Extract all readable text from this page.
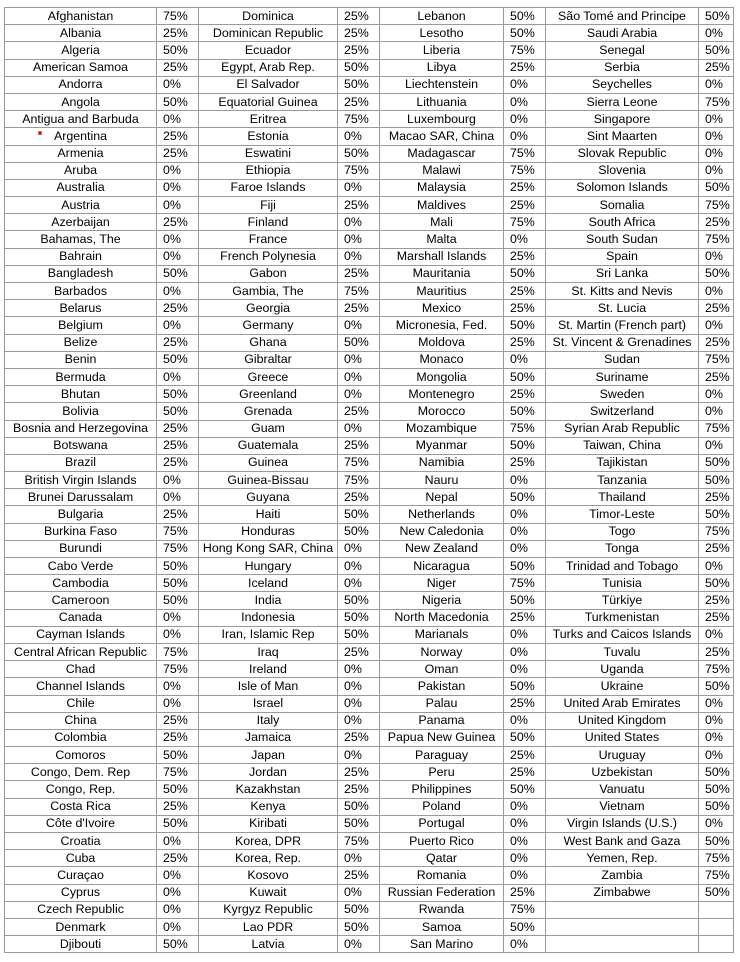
Afghanistan	75%	Dominica	25%	Lebanon	50%	São Tomé and Principe	50%
Albania	25%	Dominican Republic	25%	Lesotho	50%	Saudi Arabia	0%
Algeria	50%	Ecuador	25%	Liberia	75%	Senegal	50%
American Samoa	25%	Egypt, Arab Rep.	50%	Libya	25%	Serbia	25%
Andorra	0%	El Salvador	50%	Liechtenstein	0%	Seychelles	0%
Angola	50%	Equatorial Guinea	25%	Lithuania	0%	Sierra Leone	75%
Antigua and Barbuda	0%	Eritrea	75%	Luxembourg	0%	Singapore	0%
Argentina	25%	Estonia	0%	Macao SAR, China	0%	Sint Maarten	0%
Armenia	25%	Eswatini	50%	Madagascar	75%	Slovak Republic	0%
Aruba	0%	Ethiopia	75%	Malawi	75%	Slovenia	0%
Australia	0%	Faroe Islands	0%	Malaysia	25%	Solomon Islands	50%
Austria	0%	Fiji	25%	Maldives	25%	Somalia	75%
Azerbaijan	25%	Finland	0%	Mali	75%	South Africa	25%
Bahamas, The	0%	France	0%	Malta	0%	South Sudan	75%
Bahrain	0%	French Polynesia	0%	Marshall Islands	25%	Spain	0%
Bangladesh	50%	Gabon	25%	Mauritania	50%	Sri Lanka	50%
Barbados	0%	Gambia, The	75%	Mauritius	25%	St. Kitts and Nevis	0%
Belarus	25%	Georgia	25%	Mexico	25%	St. Lucia	25%
Belgium	0%	Germany	0%	Micronesia, Fed.	50%	St. Martin (French part)	0%
Belize	25%	Ghana	50%	Moldova	25%	St. Vincent & Grenadines	25%
Benin	50%	Gibraltar	0%	Monaco	0%	Sudan	75%
Bermuda	0%	Greece	0%	Mongolia	50%	Suriname	25%
Bhutan	50%	Greenland	0%	Montenegro	25%	Sweden	0%
Bolivia	50%	Grenada	25%	Morocco	50%	Switzerland	0%
Bosnia and Herzegovina	25%	Guam	0%	Mozambique	75%	Syrian Arab Republic	75%
Botswana	25%	Guatemala	25%	Myanmar	50%	Taiwan, China	0%
Brazil	25%	Guinea	75%	Namibia	25%	Tajikistan	50%
British Virgin Islands	0%	Guinea-Bissau	75%	Nauru	0%	Tanzania	50%
Brunei Darussalam	0%	Guyana	25%	Nepal	50%	Thailand	25%
Bulgaria	25%	Haiti	50%	Netherlands	0%	Timor-Leste	50%
Burkina Faso	75%	Honduras	50%	New Caledonia	0%	Togo	75%
Burundi	75%	Hong Kong SAR, China	0%	New Zealand	0%	Tonga	25%
Cabo Verde	50%	Hungary	0%	Nicaragua	50%	Trinidad and Tobago	0%
Cambodia	50%	Iceland	0%	Niger	75%	Tunisia	50%
Cameroon	50%	India	50%	Nigeria	50%	Türkiye	25%
Canada	0%	Indonesia	50%	North Macedonia	25%	Turkmenistan	25%
Cayman Islands	0%	Iran, Islamic Rep	50%	Marianals	0%	Turks and Caicos Islands	0%
Central African Republic	75%	Iraq	25%	Norway	0%	Tuvalu	25%
Chad	75%	Ireland	0%	Oman	0%	Uganda	75%
Channel Islands	0%	Isle of Man	0%	Pakistan	50%	Ukraine	50%
Chile	0%	Israel	0%	Palau	25%	United Arab Emirates	0%
China	25%	Italy	0%	Panama	0%	United Kingdom	0%
Colombia	25%	Jamaica	25%	Papua New Guinea	50%	United States	0%
Comoros	50%	Japan	0%	Paraguay	25%	Uruguay	0%
Congo, Dem. Rep	75%	Jordan	25%	Peru	25%	Uzbekistan	50%
Congo, Rep.	50%	Kazakhstan	25%	Philippines	50%	Vanuatu	50%
Costa Rica	25%	Kenya	50%	Poland	0%	Vietnam	50%
Côte d'Ivoire	50%	Kiribati	50%	Portugal	0%	Virgin Islands (U.S.)	0%
Croatia	0%	Korea, DPR	75%	Puerto Rico	0%	West Bank and Gaza	50%
Cuba	25%	Korea, Rep.	0%	Qatar	0%	Yemen, Rep.	75%
Curaçao	0%	Kosovo	25%	Romania	0%	Zambia	75%
Cyprus	0%	Kuwait	0%	Russian Federation	25%	Zimbabwe	50%
Czech Republic	0%	Kyrgyz Republic	50%	Rwanda	75%		
Denmark	0%	Lao PDR	50%	Samoa	50%		
Djibouti	50%	Latvia	0%	San Marino	0%		
